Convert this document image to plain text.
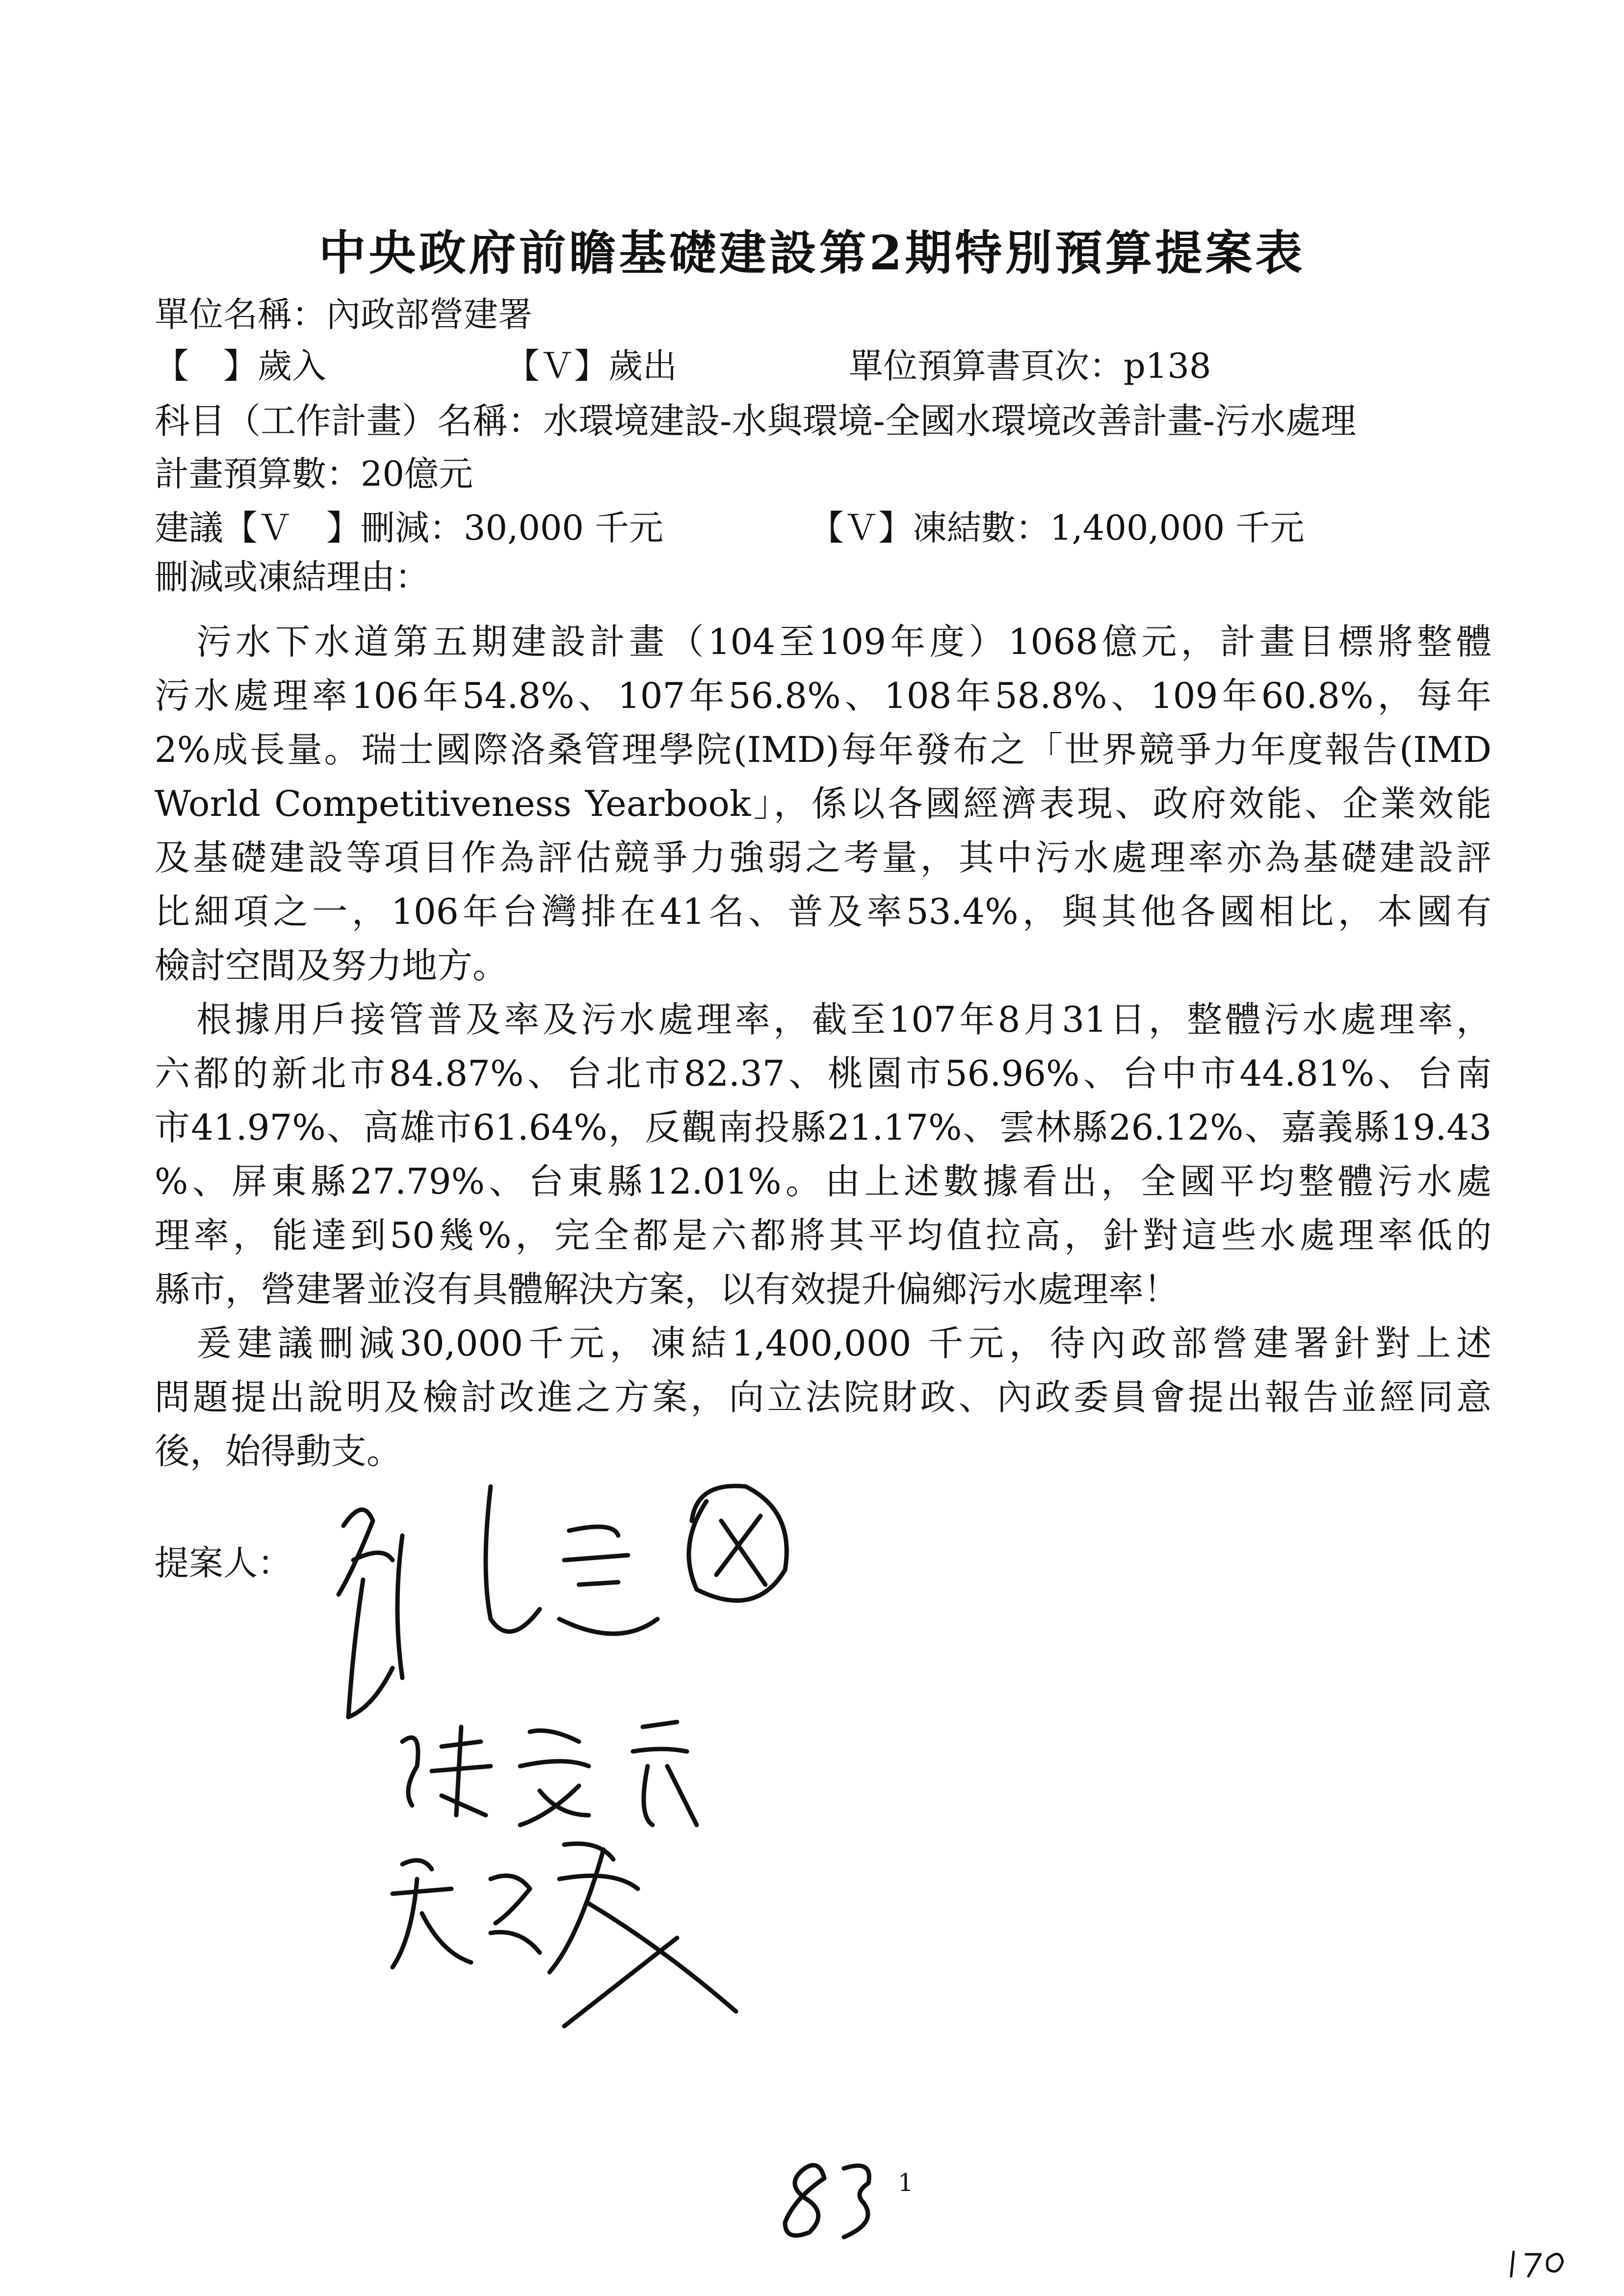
中央政府前瞻基礎建設第2期特別預算提案表
單位名稱：內政部營建署
【　】歲入	【Ｖ】歲出	單位預算書頁次：p138
科目（工作計畫）名稱：水環境建設-水與環境-全國水環境改善計畫-污水處理
計畫預算數：20億元
建議【Ｖ　】刪減：30,000 千元	【Ｖ】凍結數：1,400,000 千元
刪減或凍結理由：
污水下水道第五期建設計畫（104至109年度）1068億元，計畫目標將整體
污水處理率106年54.8%、107年56.8%、108年58.8%、109年60.8%，每年
2%成長量。瑞士國際洛桑管理學院(IMD)每年發布之「世界競爭力年度報告(IMD
World Competitiveness Yearbook」，係以各國經濟表現、政府效能、企業效能
及基礎建設等項目作為評估競爭力強弱之考量，其中污水處理率亦為基礎建設評
比細項之一，106年台灣排在41名、普及率53.4%，與其他各國相比，本國有
檢討空間及努力地方。
根據用戶接管普及率及污水處理率，截至107年8月31日，整體污水處理率，
六都的新北市84.87%、台北市82.37、桃園市56.96%、台中市44.81%、台南
市41.97%、高雄市61.64%，反觀南投縣21.17%、雲林縣26.12%、嘉義縣19.43
%、屏東縣27.79%、台東縣12.01%。由上述數據看出，全國平均整體污水處
理率，能達到50幾%，完全都是六都將其平均值拉高，針對這些水處理率低的
縣市，營建署並沒有具體解決方案，以有效提升偏鄉污水處理率！
爰建議刪減30,000千元，凍結1,400,000 千元，待內政部營建署針對上述
問題提出說明及檢討改進之方案，向立法院財政、內政委員會提出報告並經同意
後，始得動支。
提案人：
1
